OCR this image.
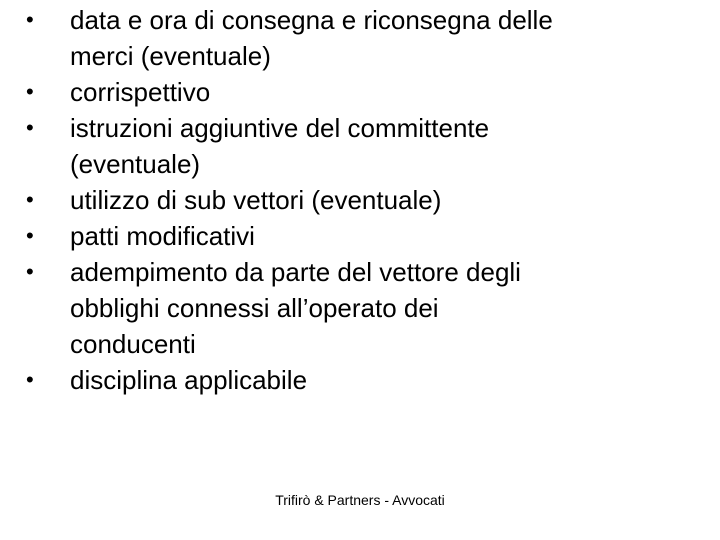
•	data e ora di consegna e riconsegna delle
merci (eventuale)
•	corrispettivo
•	istruzioni aggiuntive del committente
(eventuale)
•	utilizzo di sub vettori (eventuale)
•	patti modificativi
•	adempimento da parte del vettore degli
obblighi connessi all’operato dei
conducenti
•	disciplina applicabile
Trifirò & Partners - Avvocati
